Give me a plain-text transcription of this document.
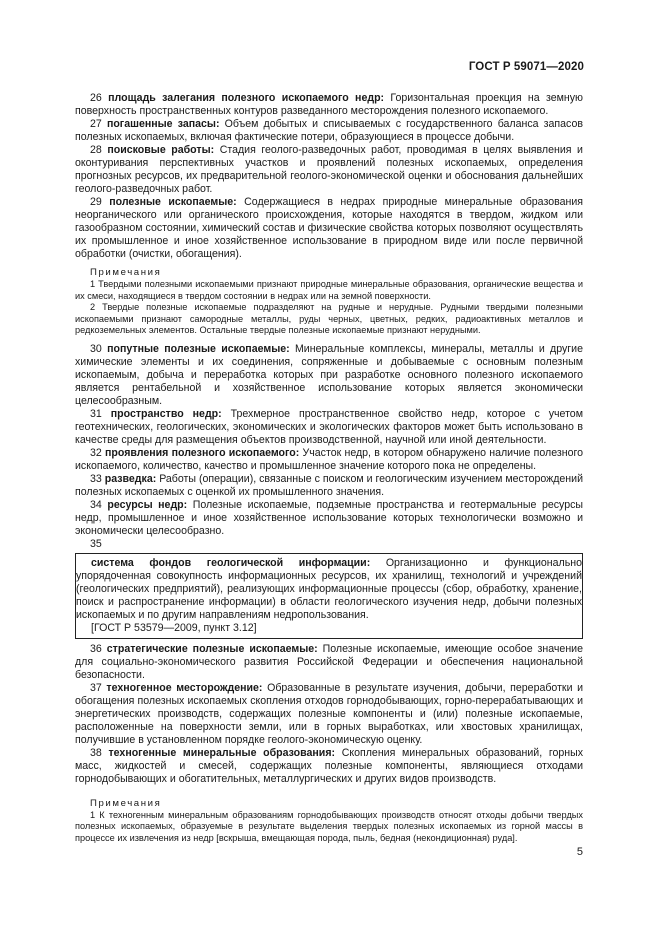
ГОСТ Р 59071—2020

26 площадь залегания полезного ископаемого недр: Горизонтальная проекция на земную поверхность пространственных контуров разведанного месторождения полезного ископаемого.

27 погашенные запасы: Объем добытых и списываемых с государственного баланса запасов полезных ископаемых, включая фактические потери, образующиеся в процессе добычи.

28 поисковые работы: Стадия геолого-разведочных работ, проводимая в целях выявления и оконтуривания перспективных участков и проявлений полезных ископаемых, определения прогнозных ресурсов, их предварительной геолого-экономической оценки и обоснования дальнейших геолого-разведочных работ.

29 полезные ископаемые: Содержащиеся в недрах природные минеральные образования неорганического или органического происхождения, которые находятся в твердом, жидком или газообразном состоянии, химический состав и физические свойства которых позволяют осуществлять их промышленное и иное хозяйственное использование в природном виде или после первичной обработки (очистки, обогащения).

Примечания

1 Твердыми полезными ископаемыми признают природные минеральные образования, органические вещества и их смеси, находящиеся в твердом состоянии в недрах или на земной поверхности.

2 Твердые полезные ископаемые подразделяют на рудные и нерудные. Рудными твердыми полезными ископаемыми признают самородные металлы, руды черных, цветных, редких, радиоактивных металлов и редкоземельных элементов. Остальные твердые полезные ископаемые признают нерудными.

30 попутные полезные ископаемые: Минеральные комплексы, минералы, металлы и другие химические элементы и их соединения, сопряженные и добываемые с основным полезным ископаемым, добыча и переработка которых при разработке основного полезного ископаемого является рентабельной и хозяйственное использование которых является экономически целесообразным.

31 пространство недр: Трехмерное пространственное свойство недр, которое с учетом геотехнических, геологических, экономических и экологических факторов может быть использовано в качестве среды для размещения объектов производственной, научной или иной деятельности.

32 проявления полезного ископаемого: Участок недр, в котором обнаружено наличие полезного ископаемого, количество, качество и промышленное значение которого пока не определены.

33 разведка: Работы (операции), связанные с поиском и геологическим изучением месторождений полезных ископаемых с оценкой их промышленного значения.

34 ресурсы недр: Полезные ископаемые, подземные пространства и геотермальные ресурсы недр, промышленное и иное хозяйственное использование которых технологически возможно и экономически целесообразно.

35

система фондов геологической информации: Организационно и функционально упорядоченная совокупность информационных ресурсов, их хранилищ, технологий и учреждений (геологических предприятий), реализующих информационные процессы (сбор, обработку, хранение, поиск и распространение информации) в области геологического изучения недр, добычи полезных ископаемых и по другим направлениям недропользования.

[ГОСТ Р 53579—2009, пункт 3.12]

36 стратегические полезные ископаемые: Полезные ископаемые, имеющие особое значение для социально-экономического развития Российской Федерации и обеспечения национальной безопасности.

37 техногенное месторождение: Образованные в результате изучения, добычи, переработки и обогащения полезных ископаемых скопления отходов горнодобывающих, горно-перерабатывающих и энергетических производств, содержащих полезные компоненты и (или) полезные ископаемые, расположенные на поверхности земли, или в горных выработках, или хвостовых хранилищах, получившие в установленном порядке геолого-экономическую оценку.

38 техногенные минеральные образования: Скопления минеральных образований, горных масс, жидкостей и смесей, содержащих полезные компоненты, являющиеся отходами горнодобывающих и обогатительных, металлургических и других видов производств.

Примечания

1 К техногенным минеральным образованиям горнодобывающих производств относят отходы добычи твердых полезных ископаемых, образуемые в результате выделения твердых полезных ископаемых из горной массы в процессе их извлечения из недр [вскрыша, вмещающая порода, пыль, бедная (некондиционная) руда].

5
